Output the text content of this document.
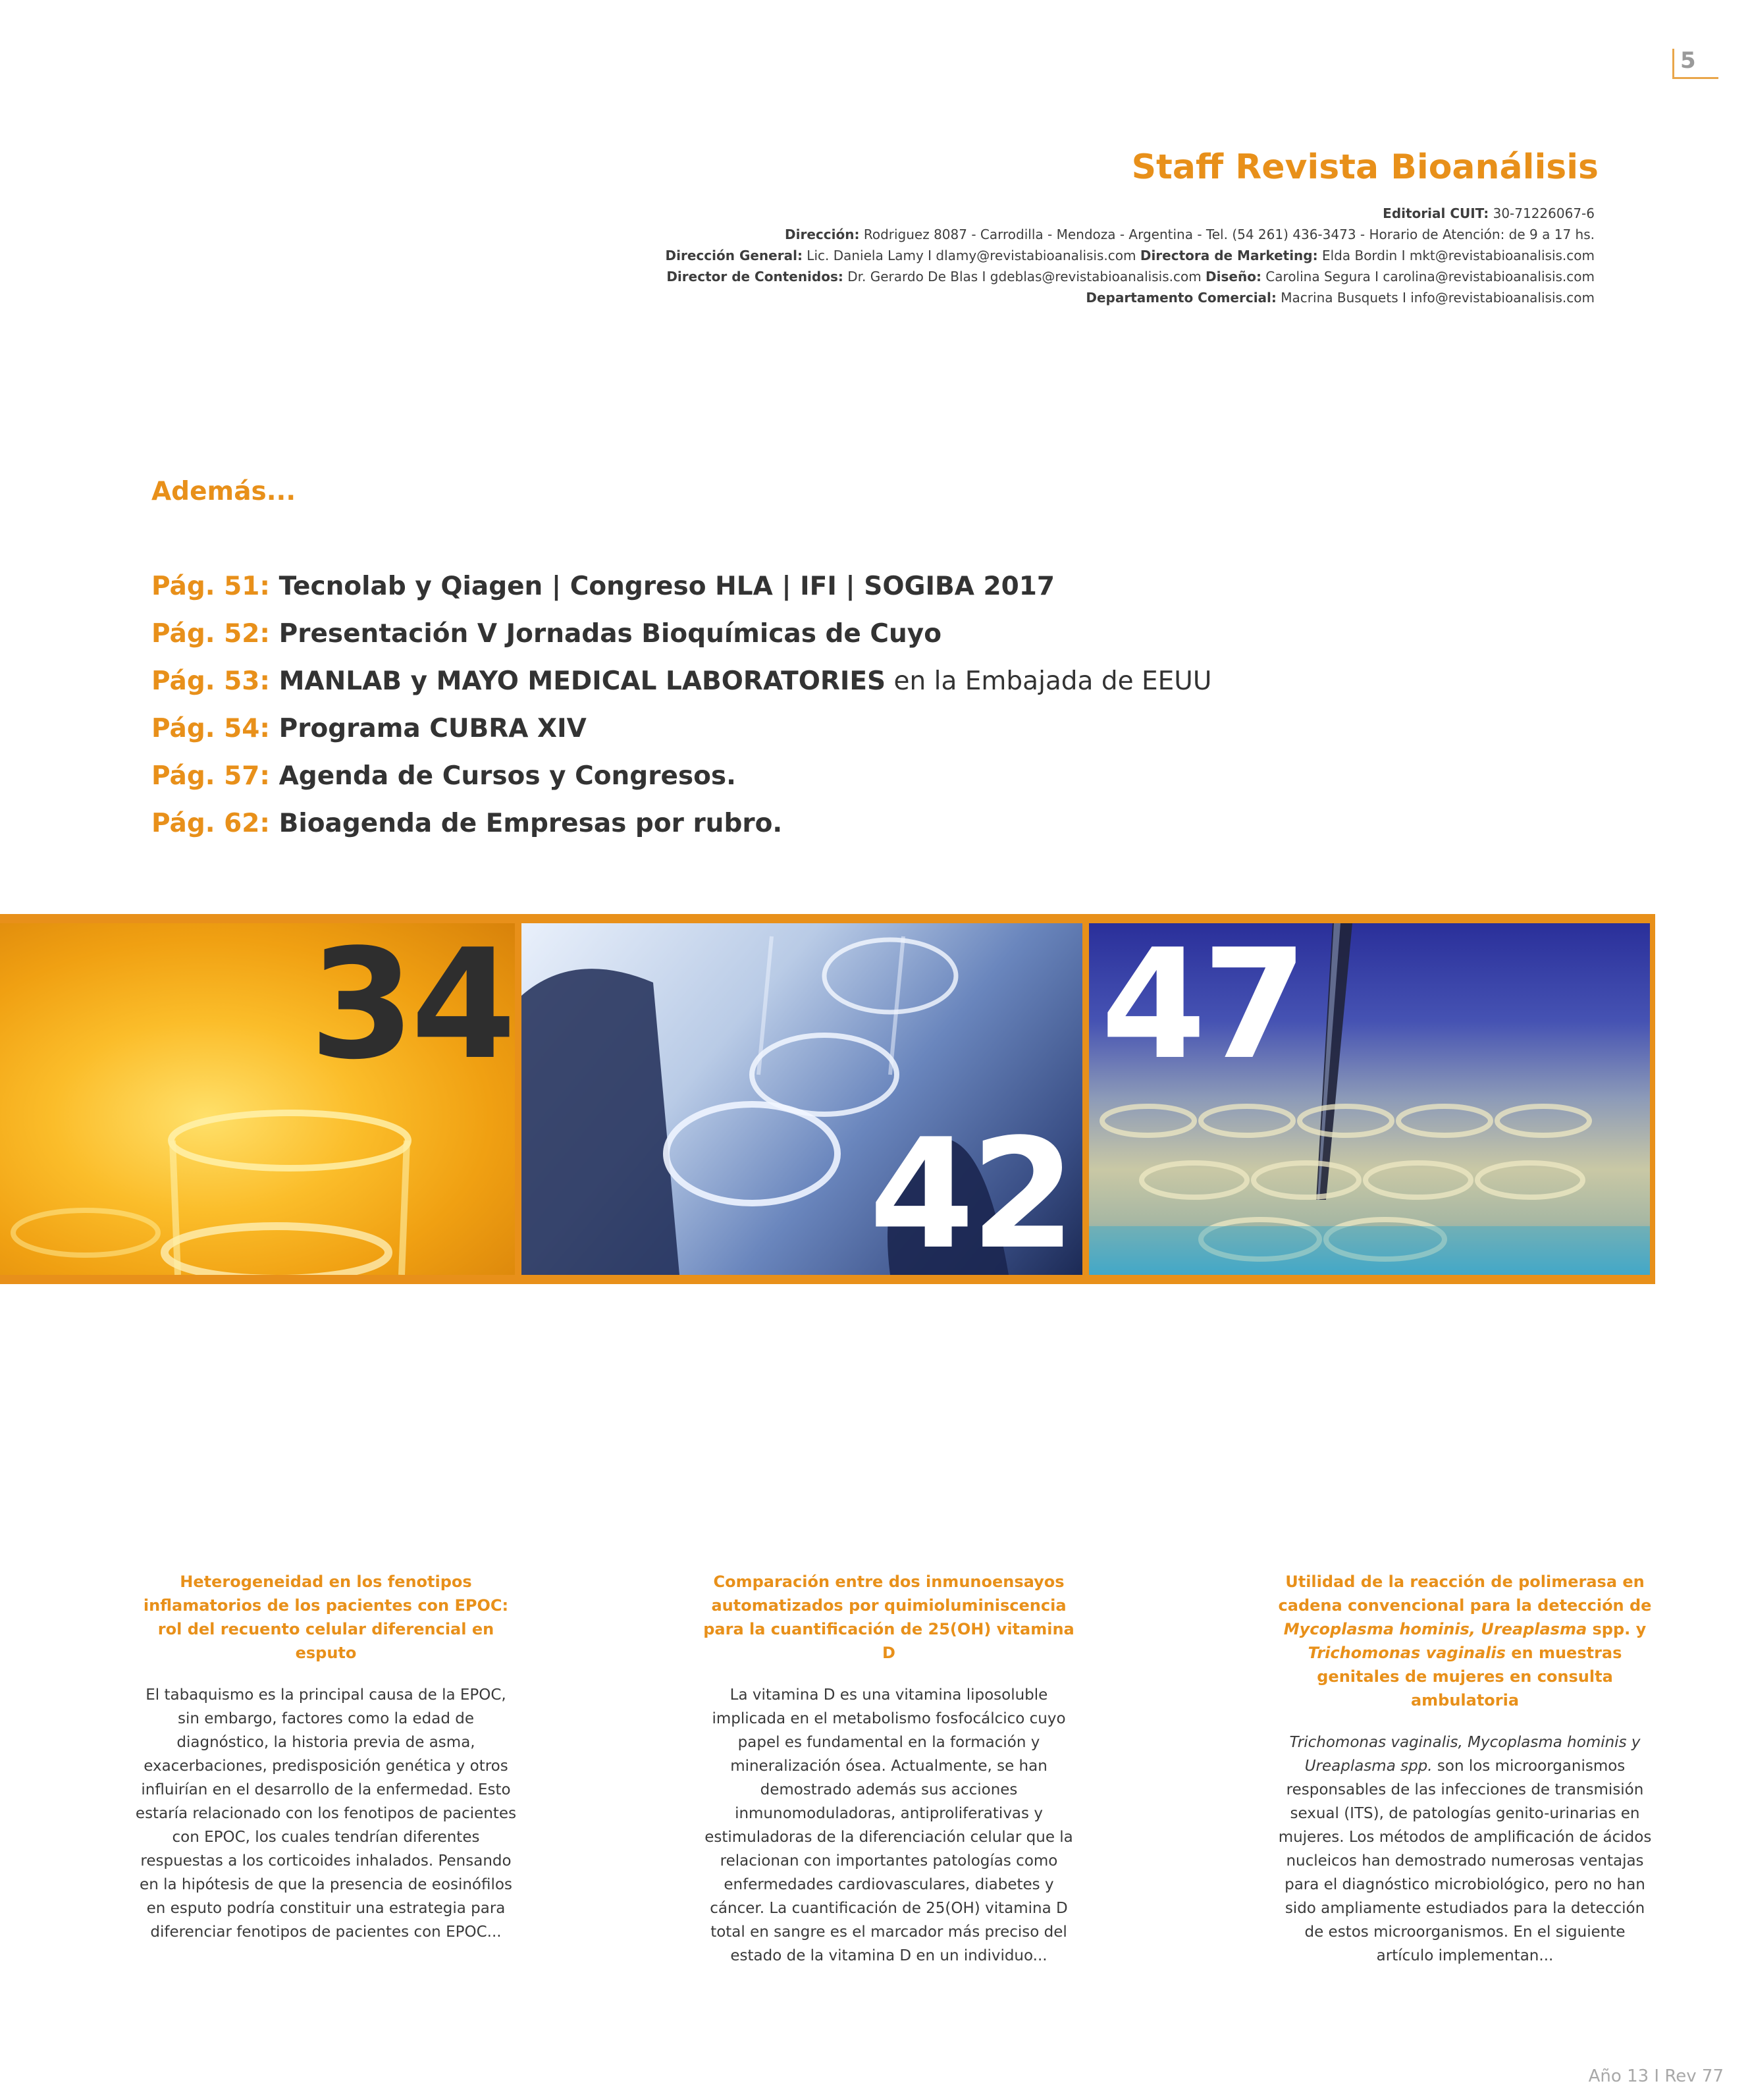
5
Staff Revista Bioanálisis
Editorial CUIT: 30-71226067-6
Dirección: Rodriguez 8087 - Carrodilla - Mendoza - Argentina - Tel. (54 261) 436-3473 - Horario de Atención: de 9 a 17 hs.
Dirección General: Lic. Daniela Lamy I dlamy@revistabioanalisis.com Directora de Marketing: Elda Bordin I mkt@revistabioanalisis.com
Director de Contenidos: Dr. Gerardo De Blas I gdeblas@revistabioanalisis.com Diseño: Carolina Segura I carolina@revistabioanalisis.com
Departamento Comercial: Macrina Busquets I info@revistabioanalisis.com
Además...
Pág. 51: Tecnolab y Qiagen | Congreso HLA | IFI | SOGIBA 2017
Pág. 52: Presentación V Jornadas Bioquímicas de Cuyo
Pág. 53: MANLAB y MAYO MEDICAL LABORATORIES en la Embajada de EEUU
Pág. 54: Programa CUBRA XIV
Pág. 57: Agenda de Cursos y Congresos.
Pág. 62: Bioagenda de Empresas por rubro.
34
42
47

Heterogeneidad en los fenotipos inflamatorios de los pacientes con EPOC: rol del recuento celular diferencial en esputo

El tabaquismo es la principal causa de la EPOC, sin embargo, factores como la edad de diagnóstico, la historia previa de asma, exacerbaciones, predisposición genética y otros influirían en el desarrollo de la enfermedad. Esto estaría relacionado con los fenotipos de pacientes con EPOC, los cuales tendrían diferentes respuestas a los corticoides inhalados. Pensando en la hipótesis de que la presencia de eosinófilos en esputo podría constituir una estrategia para diferenciar fenotipos de pacientes con EPOC...

Comparación entre dos inmunoensayos automatizados por quimioluminiscencia para la cuantificación de 25(OH) vitamina D

La vitamina D es una vitamina liposoluble implicada en el metabolismo fosfocálcico cuyo papel es fundamental en la formación y mineralización ósea. Actualmente, se han demostrado además sus acciones inmunomoduladoras, antiproliferativas y estimuladoras de la diferenciación celular que la relacionan con importantes patologías como enfermedades cardiovasculares, diabetes y cáncer. La cuantificación de 25(OH) vitamina D total en sangre es el marcador más preciso del estado de la vitamina D en un individuo...

Utilidad de la reacción de polimerasa en cadena convencional para la detección de Mycoplasma hominis, Ureaplasma spp. y Trichomonas vaginalis en muestras genitales de mujeres en consulta ambulatoria

Trichomonas vaginalis, Mycoplasma hominis y Ureaplasma spp. son los microorganismos responsables de las infecciones de transmisión sexual (ITS), de patologías genito-urinarias en mujeres. Los métodos de amplificación de ácidos nucleicos han demostrado numerosas ventajas para el diagnóstico microbiológico, pero no han sido ampliamente estudiados para la detección de estos microorganismos. En el siguiente artículo implementan...

Año 13 I Rev 77
